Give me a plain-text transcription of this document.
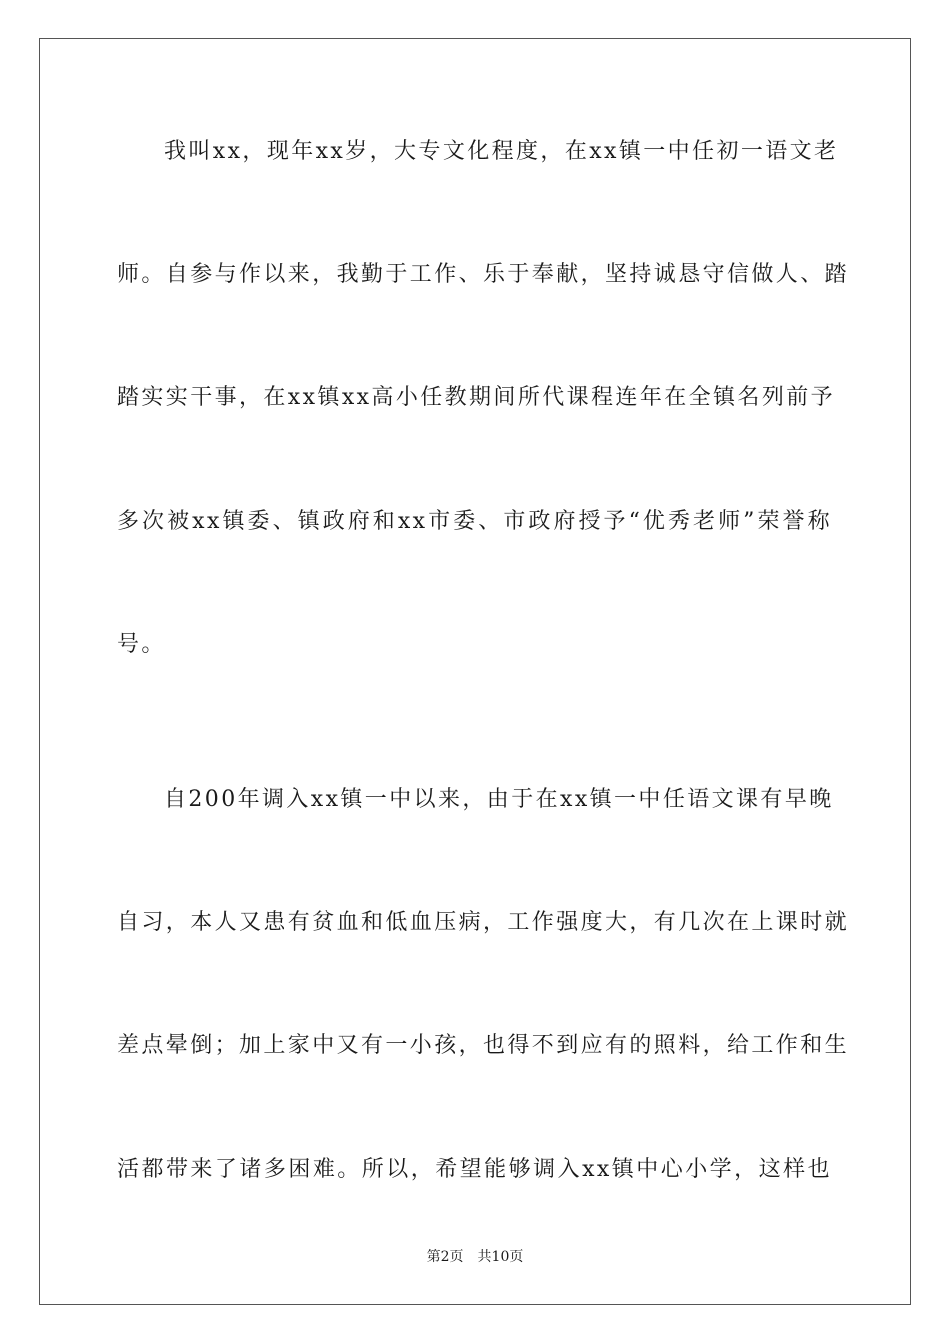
我叫xx，现年xx岁，大专文化程度，在xx镇一中任初一语文老
师。自参与作以来，我勤于工作、乐于奉献，坚持诚恳守信做人、踏
踏实实干事，在xx镇xx高小任教期间所代课程连年在全镇名列前予
多次被xx镇委、镇政府和xx市委、市政府授予“优秀老师”荣誉称
号。
自200年调入xx镇一中以来，由于在xx镇一中任语文课有早晚
自习，本人又患有贫血和低血压病，工作强度大，有几次在上课时就
差点晕倒；加上家中又有一小孩，也得不到应有的照料，给工作和生
活都带来了诸多困难。所以，希望能够调入xx镇中心小学，这样也
第2页 共10页
